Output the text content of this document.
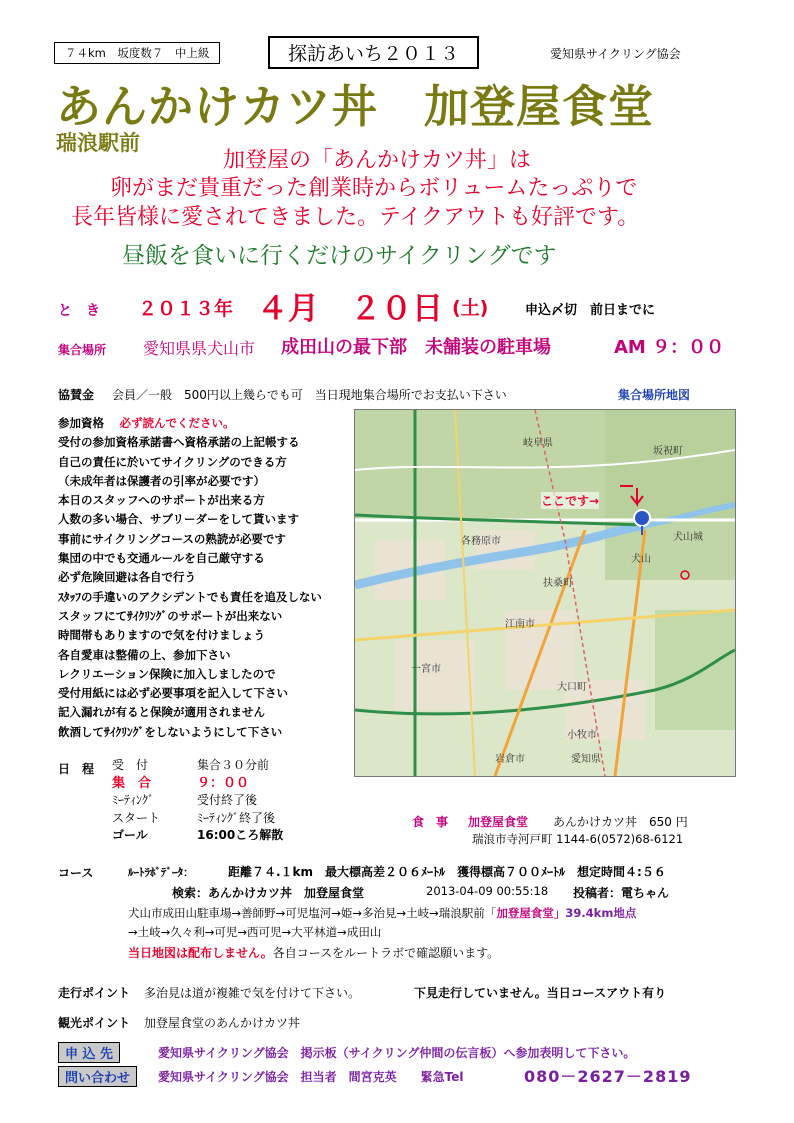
７４km　坂度数７　中上級	探訪あいち２０１３	愛知県サイクリング協会
あんかけカツ丼　加登屋食堂
瑞浪駅前
加登屋の「あんかけカツ丼」は
卵がまだ貴重だった創業時からボリュームたっぷりで
長年皆様に愛されてきました。テイクアウトも好評です。
昼飯を食いに行くだけのサイクリングです
と　き ２０１３年 ４月 ２０日 (土)	申込〆切　前日までに
集合場所 愛知県県犬山市 成田山の最下部　未舗装の駐車場	AM ９：００
協賛金 会員／一般　500円以上幾らでも可　当日現地集合場所でお支払い下さい	集合場所地図
参加資格　 必ず読んでください。
受付の参加資格承諾書へ資格承諾の上記帳する
自己の責任に於いてサイクリングのできる方
（未成年者は保護者の引率が必要です）
本日のスタッフへのサポートが出来る方
人数の多い場合、サブリーダーをして貰います
事前にサイクリングコースの熟読が必要です
集団の中でも交通ルールを自己厳守する
必ず危険回避は各自で行う
ｽﾀｯﾌの手違いのアクシデントでも責任を追及しない
スタッフにてｻｲｸﾘﾝｸﾞのサポートが出来ない
時間帯もありますので気を付けましょう
各自愛車は整備の上、参加下さい
レクリエーション保険に加入しましたので
受付用紙には必ず必要事項を記入して下さい
記入漏れが有ると保険が適用されません
飲酒してｻｲｸﾘﾝｸﾞをしないようにして下さい
ここです→
坂祝町
岐阜県
各務原市
犬山
江南市
扶桑町
一宮市
大口町
小牧市
愛知県
岩倉市
犬山城
日　程 受　付	集合３０分前
集　合	９：００
ﾐｰﾃｨﾝｸﾞ	受付終了後
スタート	ﾐｰﾃｨﾝｸﾞ終了後
ゴール	16:00ころ解散
食　事 加登屋食堂 あんかけカツ丼　650 円
瑞浪市寺河戸町 1144-6(0572)68-6121
コース	ﾙｰﾄﾗﾎﾞﾃﾞｰﾀ：	距離７４.１km　最大標高差２０６ﾒｰﾄﾙ　獲得標高７００ﾒｰﾄﾙ　想定時間４:５６
検索：あんかけカツ丼　加登屋食堂	2013-04-09 00:55:18 投稿者：電ちゃん
犬山市成田山駐車場→善師野→可児塩河→姫→多治見→土岐→瑞浪駅前「加登屋食堂」39.4km地点
→土岐→久々利→可児→西可児→大平林道→成田山
当日地図は配布しません。各自コースをルートラボで確認願います。
走行ポイント 多治見は道が複雑で気を付けて下さい。	下見走行していません。当日コースアウト有り
観光ポイント 加登屋食堂のあんかけカツ丼
申 込 先	愛知県サイクリング協会　掲示板（サイクリング仲間の伝言板）へ参加表明して下さい。
問い合わせ	愛知県サイクリング協会　担当者　間宮克英　　緊急Tel	080－2627－2819
